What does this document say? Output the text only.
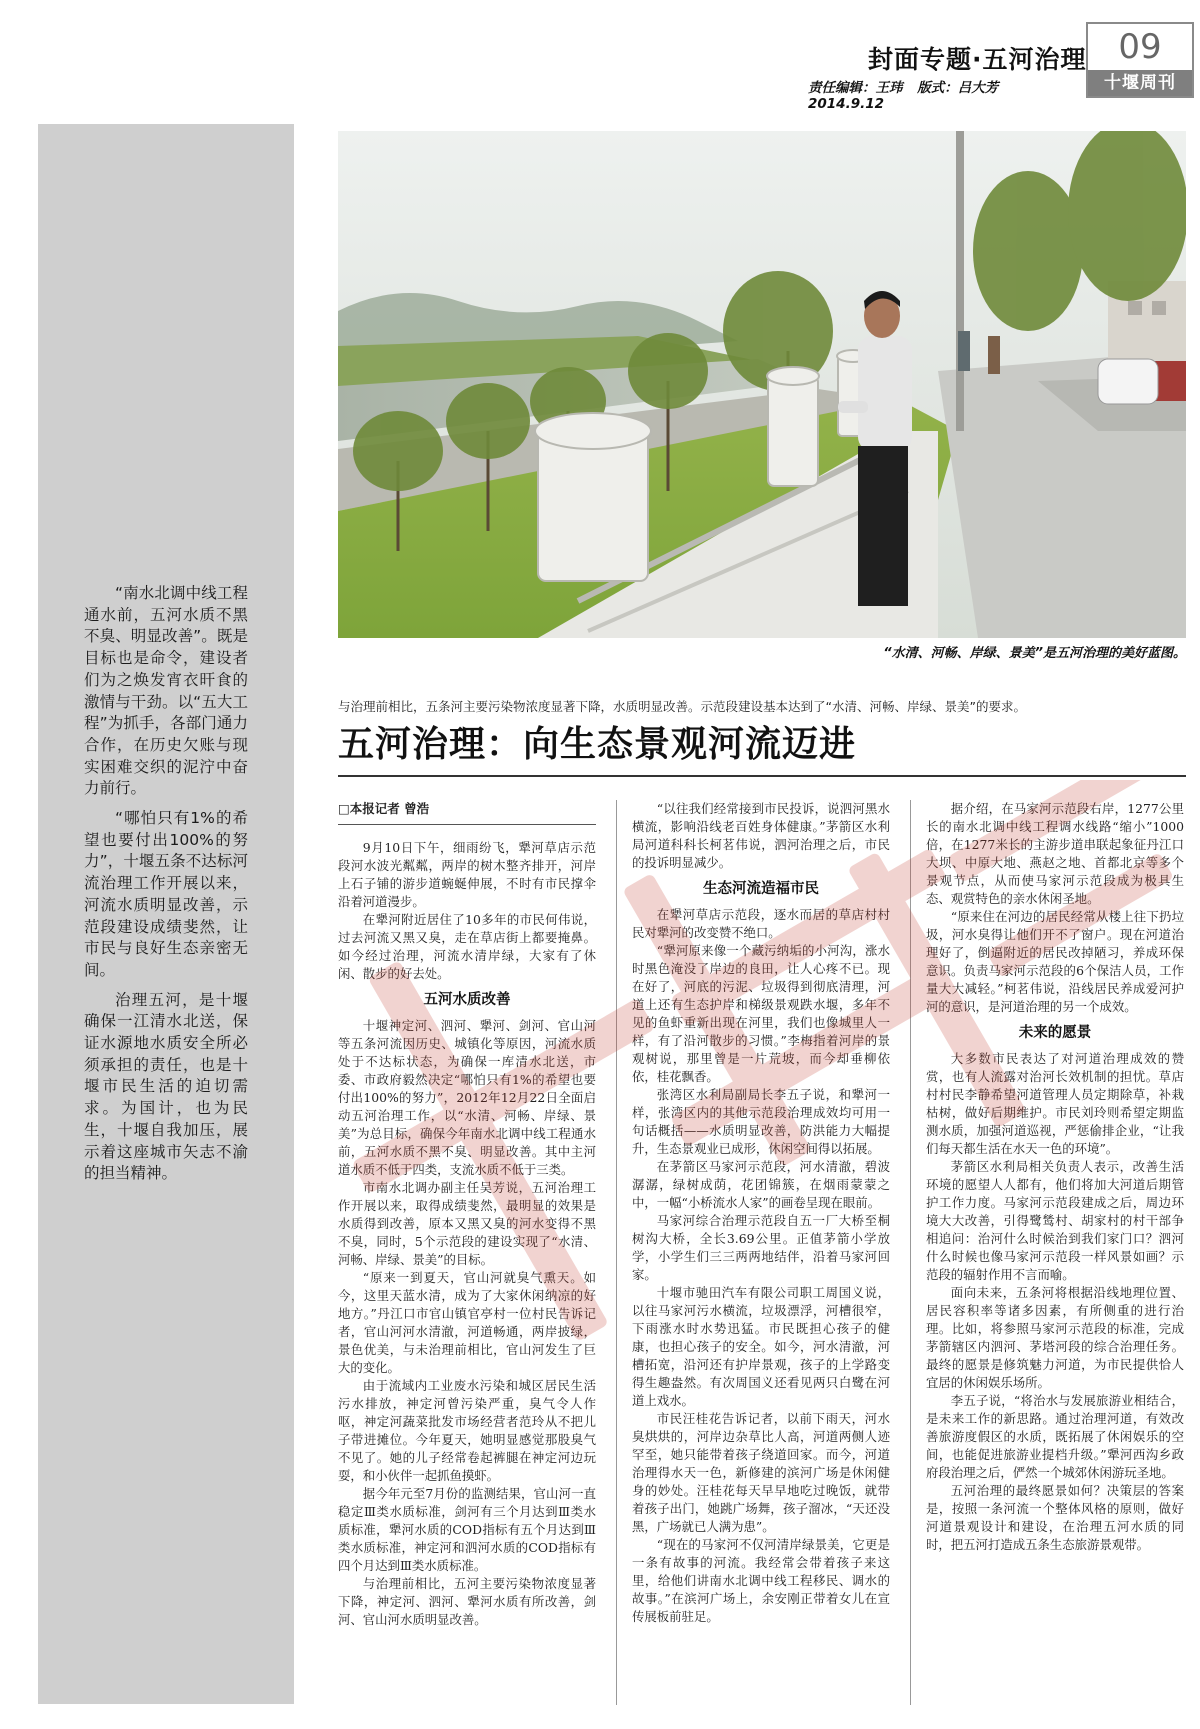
封面专题·五河治理
责任编辑：王玮 版式：吕大芳 2014.9.12
09
十堰周刊

“南水北调中线工程通水前，五河水质不黑不臭、明显改善”。既是目标也是命令，建设者们为之焕发宵衣旰食的激情与干劲。以“五大工程”为抓手，各部门通力合作，在历史欠账与现实困难交织的泥泞中奋力前行。

“哪怕只有1%的希望也要付出100%的努力”，十堰五条不达标河流治理工作开展以来，河流水质明显改善，示范段建设成绩斐然，让市民与良好生态亲密无间。

治理五河，是十堰确保一江清水北送，保证水源地水质安全所必须承担的责任，也是十堰市民生活的迫切需求。为国计，也为民生，十堰自我加压，展示着这座城市矢志不渝的担当精神。

“水清、河畅、岸绿、景美”是五河治理的美好蓝图。
与治理前相比，五条河主要污染物浓度显著下降，水质明显改善。示范段建设基本达到了“水清、河畅、岸绿、景美”的要求。
五河治理：向生态景观河流迈进
□本报记者 曾浩

9月10日下午，细雨纷飞，犟河草店示范段河水波光粼粼，两岸的树木整齐排开，河岸上石子铺的游步道蜿蜒伸展，不时有市民撑伞沿着河道漫步。

在犟河附近居住了10多年的市民何伟说，过去河流又黑又臭，走在草店街上都要掩鼻。如今经过治理，河流水清岸绿，大家有了休闲、散步的好去处。

五河水质改善

十堰神定河、泗河、犟河、剑河、官山河等五条河流因历史、城镇化等原因，河流水质处于不达标状态，为确保一库清水北送，市委、市政府毅然决定“哪怕只有1%的希望也要付出100%的努力”，2012年12月22日全面启动五河治理工作，以“水清、河畅、岸绿、景美”为总目标，确保今年南水北调中线工程通水前，五河水质不黑不臭、明显改善。其中主河道水质不低于四类，支流水质不低于三类。

市南水北调办副主任吴芳说，五河治理工作开展以来，取得成绩斐然，最明显的效果是水质得到改善，原本又黑又臭的河水变得不黑不臭，同时，5个示范段的建设实现了“水清、河畅、岸绿、景美”的目标。

“原来一到夏天，官山河就臭气熏天。如今，这里天蓝水清，成为了大家休闲纳凉的好地方。”丹江口市官山镇官亭村一位村民告诉记者，官山河河水清澈，河道畅通，两岸披绿，景色优美，与未治理前相比，官山河发生了巨大的变化。

由于流域内工业废水污染和城区居民生活污水排放，神定河曾污染严重，臭气令人作呕，神定河蔬菜批发市场经营者范玲从不把儿子带进摊位。今年夏天，她明显感觉那股臭气不见了。她的儿子经常卷起裤腿在神定河边玩耍，和小伙伴一起抓鱼摸虾。

据今年元至7月份的监测结果，官山河一直稳定Ⅲ类水质标准，剑河有三个月达到Ⅲ类水质标准，犟河水质的COD指标有五个月达到Ⅲ类水质标准，神定河和泗河水质的COD指标有四个月达到Ⅲ类水质标准。

与治理前相比，五河主要污染物浓度显著下降，神定河、泗河、犟河水质有所改善，剑河、官山河水质明显改善。

“以往我们经常接到市民投诉，说泗河黑水横流，影响沿线老百姓身体健康。”茅箭区水利局河道科科长柯茗伟说，泗河治理之后，市民的投诉明显减少。

生态河流造福市民

在犟河草店示范段，逐水而居的草店村村民对犟河的改变赞不绝口。

“犟河原来像一个藏污纳垢的小河沟，涨水时黑色淹没了岸边的良田，让人心疼不已。现在好了，河底的污泥、垃圾得到彻底清理，河道上还有生态护岸和梯级景观跌水堰，多年不见的鱼虾重新出现在河里，我们也像城里人一样，有了沿河散步的习惯。”李梅指着河岸的景观树说，那里曾是一片荒坡，而今却垂柳依依，桂花飘香。

张湾区水利局副局长李五子说，和犟河一样，张湾区内的其他示范段治理成效均可用一句话概括——水质明显改善，防洪能力大幅提升，生态景观业已成形，休闲空间得以拓展。

在茅箭区马家河示范段，河水清澈，碧波潺潺，绿树成荫，花团锦簇，在烟雨蒙蒙之中，一幅“小桥流水人家”的画卷呈现在眼前。

马家河综合治理示范段自五一厂大桥至桐树沟大桥，全长3.69公里。正值茅箭小学放学，小学生们三三两两地结伴，沿着马家河回家。

十堰市驰田汽车有限公司职工周国义说，以往马家河污水横流，垃圾漂浮，河槽很窄，下雨涨水时水势迅猛。市民既担心孩子的健康，也担心孩子的安全。如今，河水清澈，河槽拓宽，沿河还有护岸景观，孩子的上学路变得生趣盎然。有次周国义还看见两只白鹭在河道上戏水。

市民汪桂花告诉记者，以前下雨天，河水臭烘烘的，河岸边杂草比人高，河道两侧人迹罕至，她只能带着孩子绕道回家。而今，河道治理得水天一色，新修建的滨河广场是休闲健身的妙处。汪桂花每天早早地吃过晚饭，就带着孩子出门，她跳广场舞，孩子溜冰，“天还没黑，广场就已人满为患”。

“现在的马家河不仅河清岸绿景美，它更是一条有故事的河流。我经常会带着孩子来这里，给他们讲南水北调中线工程移民、调水的故事。”在滨河广场上，余安刚正带着女儿在宣传展板前驻足。

据介绍，在马家河示范段右岸，1277公里长的南水北调中线工程调水线路“缩小”1000倍，在1277米长的主游步道串联起象征丹江口大坝、中原大地、燕赵之地、首都北京等多个景观节点，从而使马家河示范段成为极具生态、观赏特色的亲水休闲圣地。

“原来住在河边的居民经常从楼上往下扔垃圾，河水臭得让他们开不了窗户。现在河道治理好了，倒逼附近的居民改掉陋习，养成环保意识。负责马家河示范段的6个保洁人员，工作量大大减轻。”柯茗伟说，沿线居民养成爱河护河的意识，是河道治理的另一个成效。

未来的愿景

大多数市民表达了对河道治理成效的赞赏，也有人流露对治河长效机制的担忧。草店村村民李静希望河道管理人员定期除草，补栽枯树，做好后期维护。市民刘玲则希望定期监测水质，加强河道巡视，严惩偷排企业，“让我们每天都生活在水天一色的环境”。

茅箭区水利局相关负责人表示，改善生活环境的愿望人人都有，他们将加大河道后期管护工作力度。马家河示范段建成之后，周边环境大大改善，引得鹭鸶村、胡家村的村干部争相追问：治河什么时候治到我们家门口？泗河什么时候也像马家河示范段一样风景如画？示范段的辐射作用不言而喻。

面向未来，五条河将根据沿线地理位置、居民容积率等诸多因素，有所侧重的进行治理。比如，将参照马家河示范段的标准，完成茅箭辖区内泗河、茅塔河段的综合治理任务。最终的愿景是修筑魅力河道，为市民提供恰人宜居的休闲娱乐场所。

李五子说，“将治水与发展旅游业相结合，是未来工作的新思路。通过治理河道，有效改善旅游度假区的水质，既拓展了休闲娱乐的空间，也能促进旅游业提档升级。”犟河西沟乡政府段治理之后，俨然一个城郊休闲游玩圣地。

五河治理的最终愿景如何？决策层的答案是，按照一条河流一个整体风格的原则，做好河道景观设计和建设，在治理五河水质的同时，把五河打造成五条生态旅游景观带。
